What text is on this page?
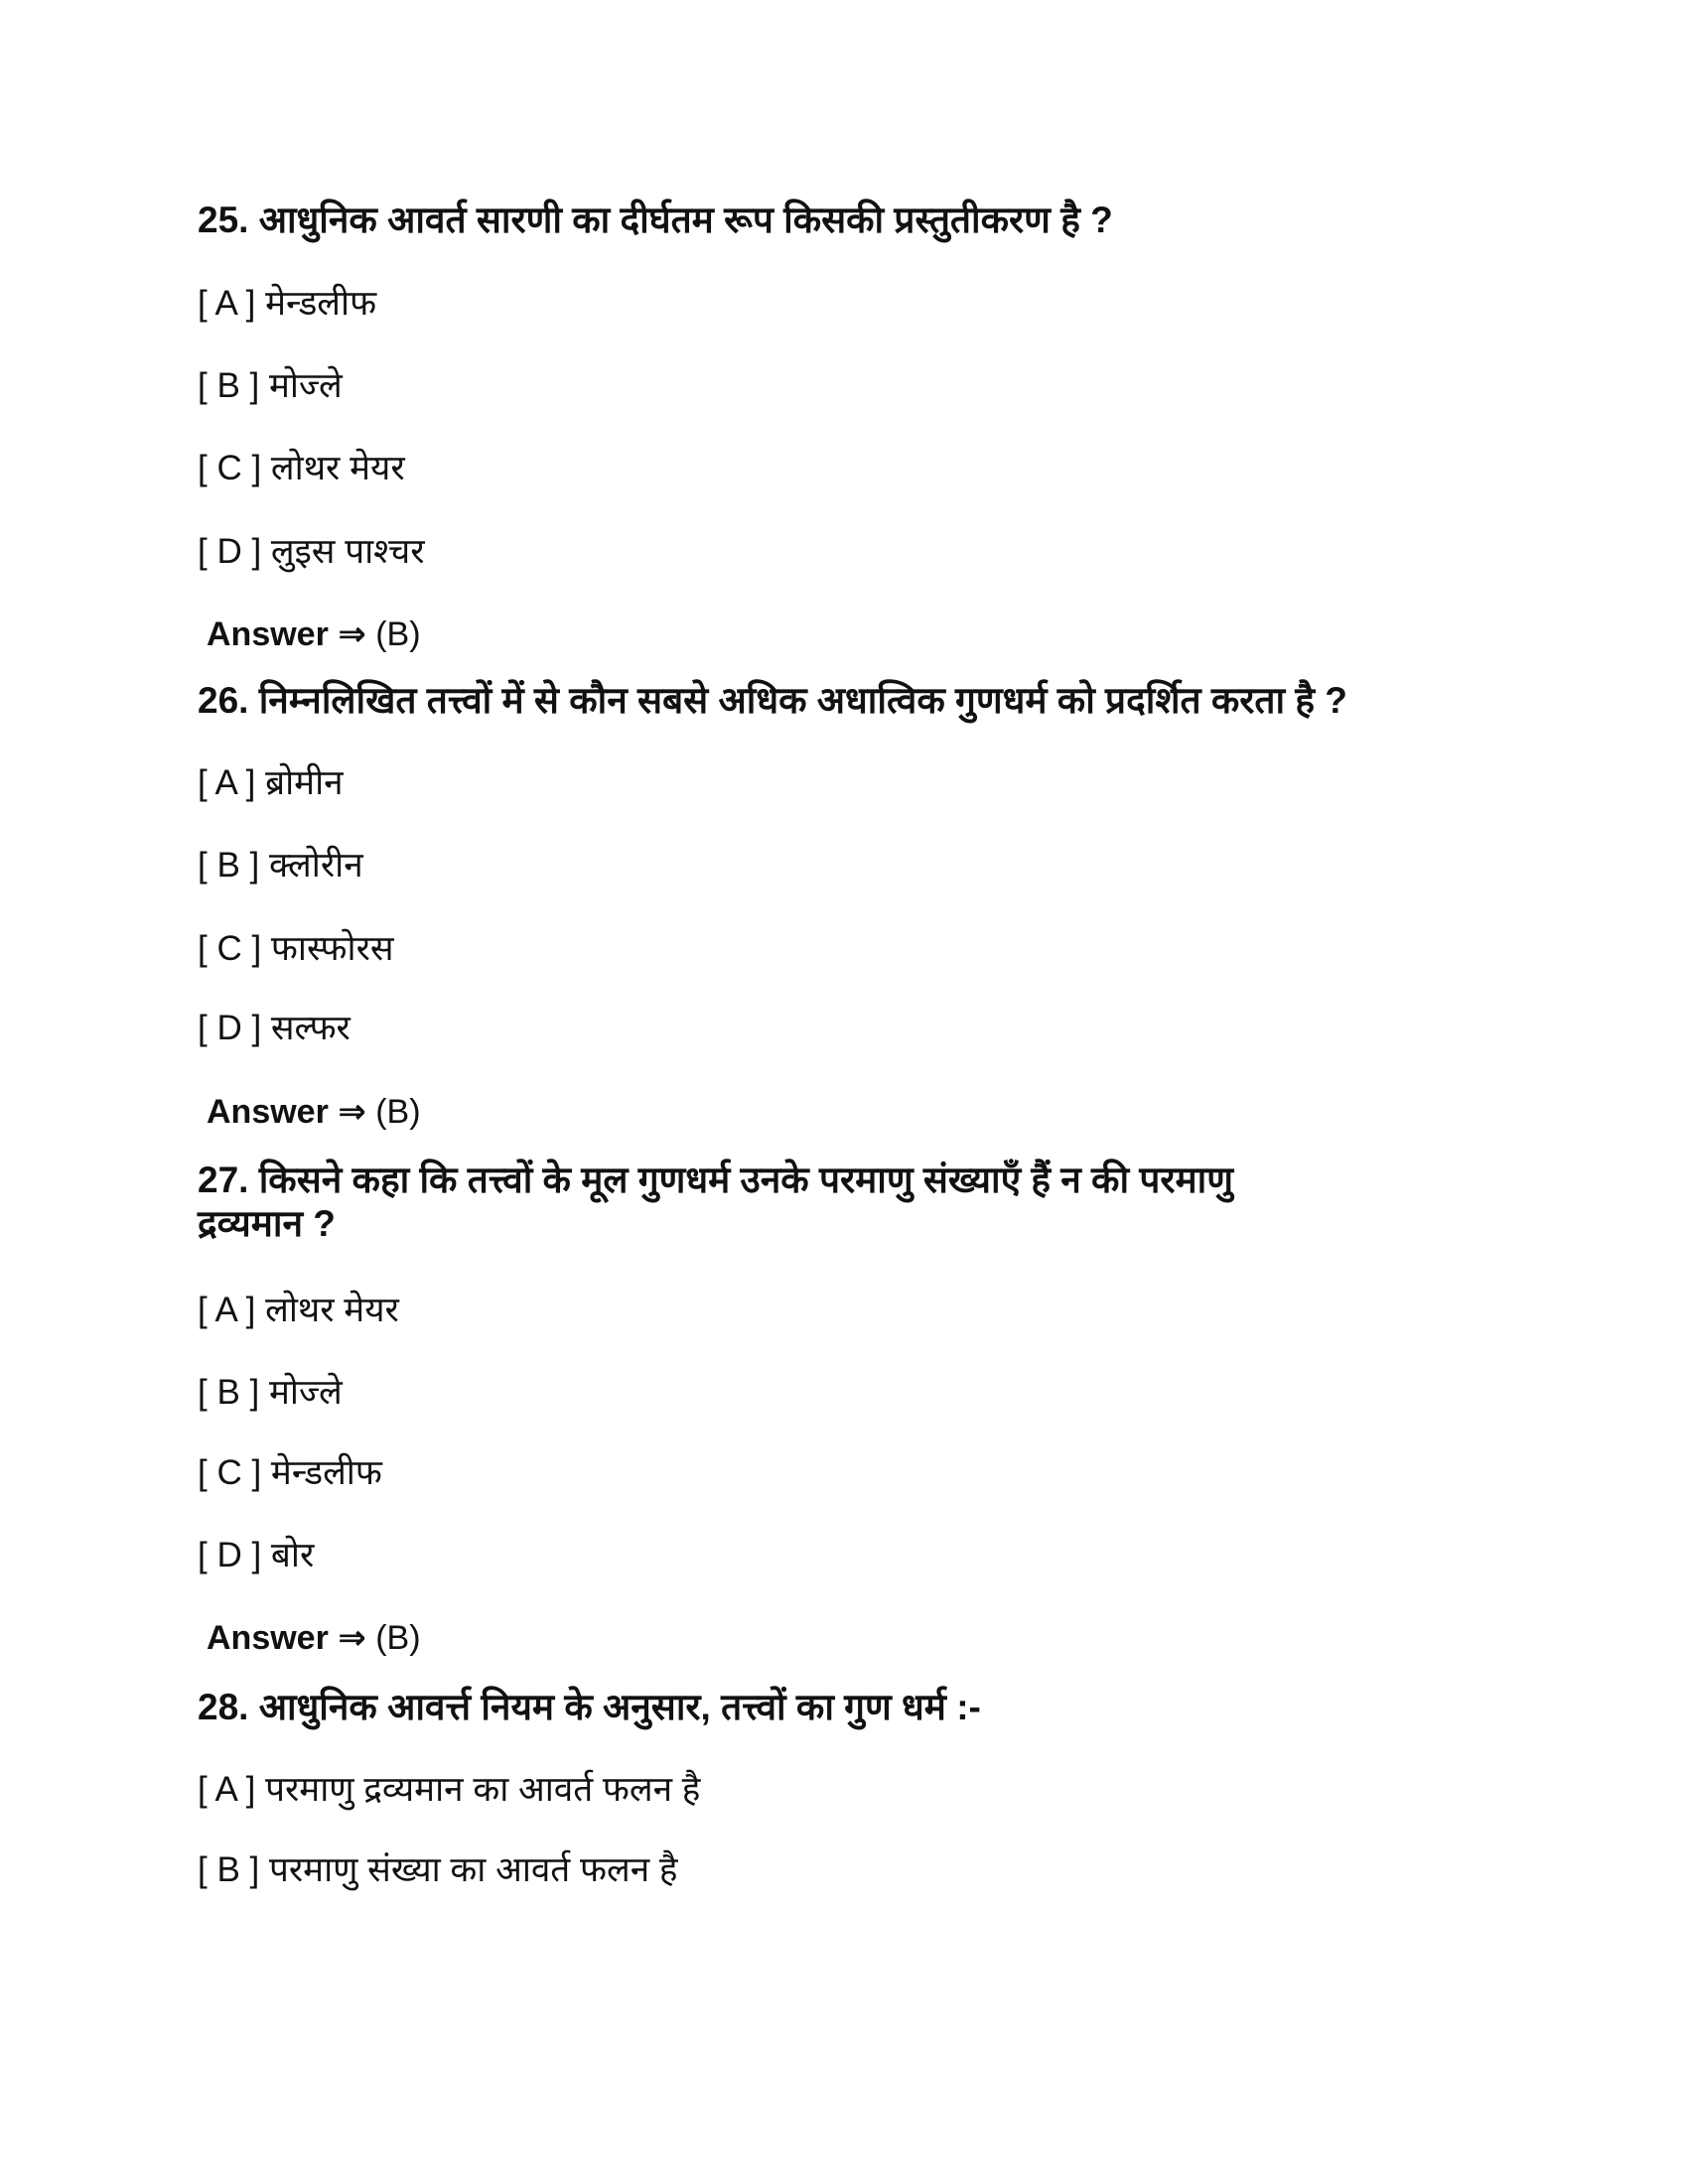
25. आधुनिक आवर्त सारणी का दीर्घतम रूप किसकी प्रस्तुतीकरण है ?
[ A ] मेन्डलीफ
[ B ] मोज्ले
[ C ] लोथर मेयर
[ D ] लुइस पाश्चर
Answer ⇒ (B)
26. निम्नलिखित तत्त्वों में से कौन सबसे अधिक अधात्विक गुणधर्म को प्रदर्शित करता है ?
[ A ] ब्रोमीन
[ B ] क्लोरीन
[ C ] फास्फोरस
[ D ] सल्फर
Answer ⇒ (B)
27. किसने कहा कि तत्त्वों के मूल गुणधर्म उनके परमाणु संख्याएँ हैं न की परमाणु
द्रव्यमान ?
[ A ] लोथर मेयर
[ B ] मोज्ले
[ C ] मेन्डलीफ
[ D ] बोर
Answer ⇒ (B)
28. आधुनिक आवर्त्त नियम के अनुसार, तत्त्वों का गुण धर्म :-
[ A ] परमाणु द्रव्यमान का आवर्त फलन है
[ B ] परमाणु संख्या का आवर्त फलन है
